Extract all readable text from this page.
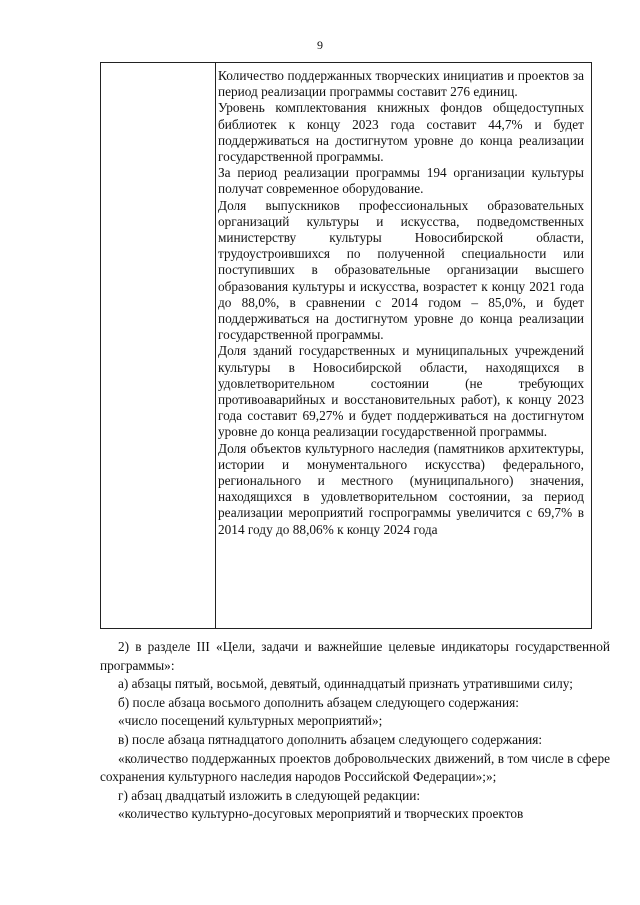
9

Количество поддержанных творческих инициатив и проектов за период реализации программы составит 276 единиц.

Уровень комплектования книжных фондов общедоступных библиотек к концу 2023 года составит 44,7% и будет поддерживаться на достигнутом уровне до конца реализации государственной программы.

За период реализации программы 194 организации культуры получат современное оборудование.

Доля выпускников профессиональных образовательных организаций культуры и искусства, подведомственных министерству культуры Новосибирской области, трудоустроившихся по полученной специальности или поступивших в образовательные организации высшего образования культуры и искусства, возрастет к концу 2021 года до 88,0%, в сравнении с 2014 годом – 85,0%, и будет поддерживаться на достигнутом уровне до конца реализации государственной программы.

Доля зданий государственных и муниципальных учреждений культуры в Новосибирской области, находящихся в удовлетворительном состоянии (не требующих противоаварийных и восстановительных работ), к концу 2023 года составит 69,27% и будет поддерживаться на достигнутом уровне до конца реализации государственной программы.

Доля объектов культурного наследия (памятников архитектуры, истории и монументального искусства) федерального, регионального и местного (муниципального) значения, находящихся в удовлетворительном состоянии, за период реализации мероприятий госпрограммы увеличится с 69,7% в 2014 году до 88,06% к концу 2024 года

2) в разделе III «Цели, задачи и важнейшие целевые индикаторы государственной программы»:

а) абзацы пятый, восьмой, девятый, одиннадцатый признать утратившими силу;

б) после абзаца восьмого дополнить абзацем следующего содержания:

«число посещений культурных мероприятий»;

в) после абзаца пятнадцатого дополнить абзацем следующего содержания:

«количество поддержанных проектов добровольческих движений, в том числе в сфере сохранения культурного наследия народов Российской Федерации»;»;

г) абзац двадцатый изложить в следующей редакции:

«количество культурно-досуговых мероприятий и творческих проектов
